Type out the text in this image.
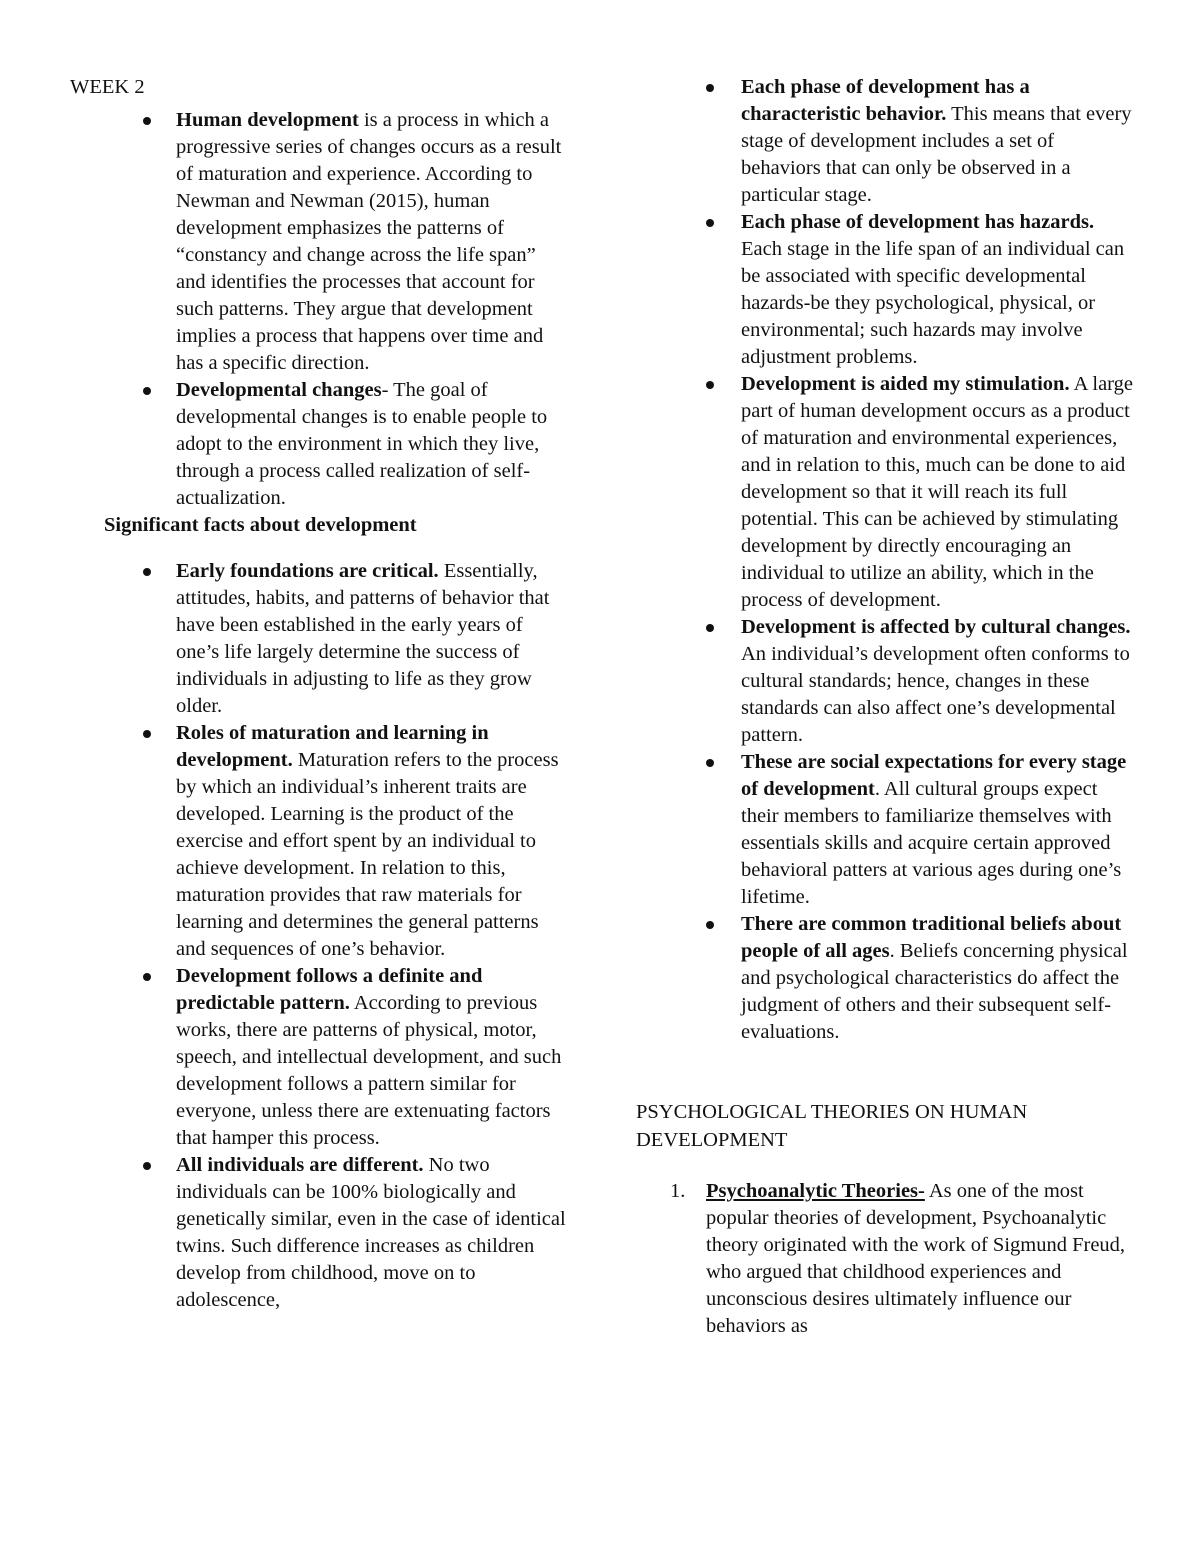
WEEK 2
Human development is a process in which a progressive series of changes occurs as a result of maturation and experience. According to Newman and Newman (2015), human development emphasizes the patterns of “constancy and change across the life span” and identifies the processes that account for such patterns. They argue that development implies a process that happens over time and has a specific direction.
Developmental changes- The goal of developmental changes is to enable people to adopt to the environment in which they live, through a process called realization of self-actualization.
Significant facts about development
Early foundations are critical. Essentially, attitudes, habits, and patterns of behavior that have been established in the early years of one’s life largely determine the success of individuals in adjusting to life as they grow older.
Roles of maturation and learning in development. Maturation refers to the process by which an individual’s inherent traits are developed. Learning is the product of the exercise and effort spent by an individual to achieve development. In relation to this, maturation provides that raw materials for learning and determines the general patterns and sequences of one’s behavior.
Development follows a definite and predictable pattern. According to previous works, there are patterns of physical, motor, speech, and intellectual development, and such development follows a pattern similar for everyone, unless there are extenuating factors that hamper this process.
All individuals are different. No two individuals can be 100% biologically and genetically similar, even in the case of identical twins. Such difference increases as children develop from childhood, move on to adolescence,
Each phase of development has a characteristic behavior. This means that every stage of development includes a set of behaviors that can only be observed in a particular stage.
Each phase of development has hazards. Each stage in the life span of an individual can be associated with specific developmental hazards-be they psychological, physical, or environmental; such hazards may involve adjustment problems.
Development is aided my stimulation. A large part of human development occurs as a product of maturation and environmental experiences, and in relation to this, much can be done to aid development so that it will reach its full potential. This can be achieved by stimulating development by directly encouraging an individual to utilize an ability, which in the process of development.
Development is affected by cultural changes. An individual’s development often conforms to cultural standards; hence, changes in these standards can also affect one’s developmental pattern.
These are social expectations for every stage of development. All cultural groups expect their members to familiarize themselves with essentials skills and acquire certain approved behavioral patters at various ages during one’s lifetime.
There are common traditional beliefs about people of all ages. Beliefs concerning physical and psychological characteristics do affect the judgment of others and their subsequent self-evaluations.
PSYCHOLOGICAL THEORIES ON HUMAN DEVELOPMENT
1. Psychoanalytic Theories- As one of the most popular theories of development, Psychoanalytic theory originated with the work of Sigmund Freud, who argued that childhood experiences and unconscious desires ultimately influence our behaviors as
